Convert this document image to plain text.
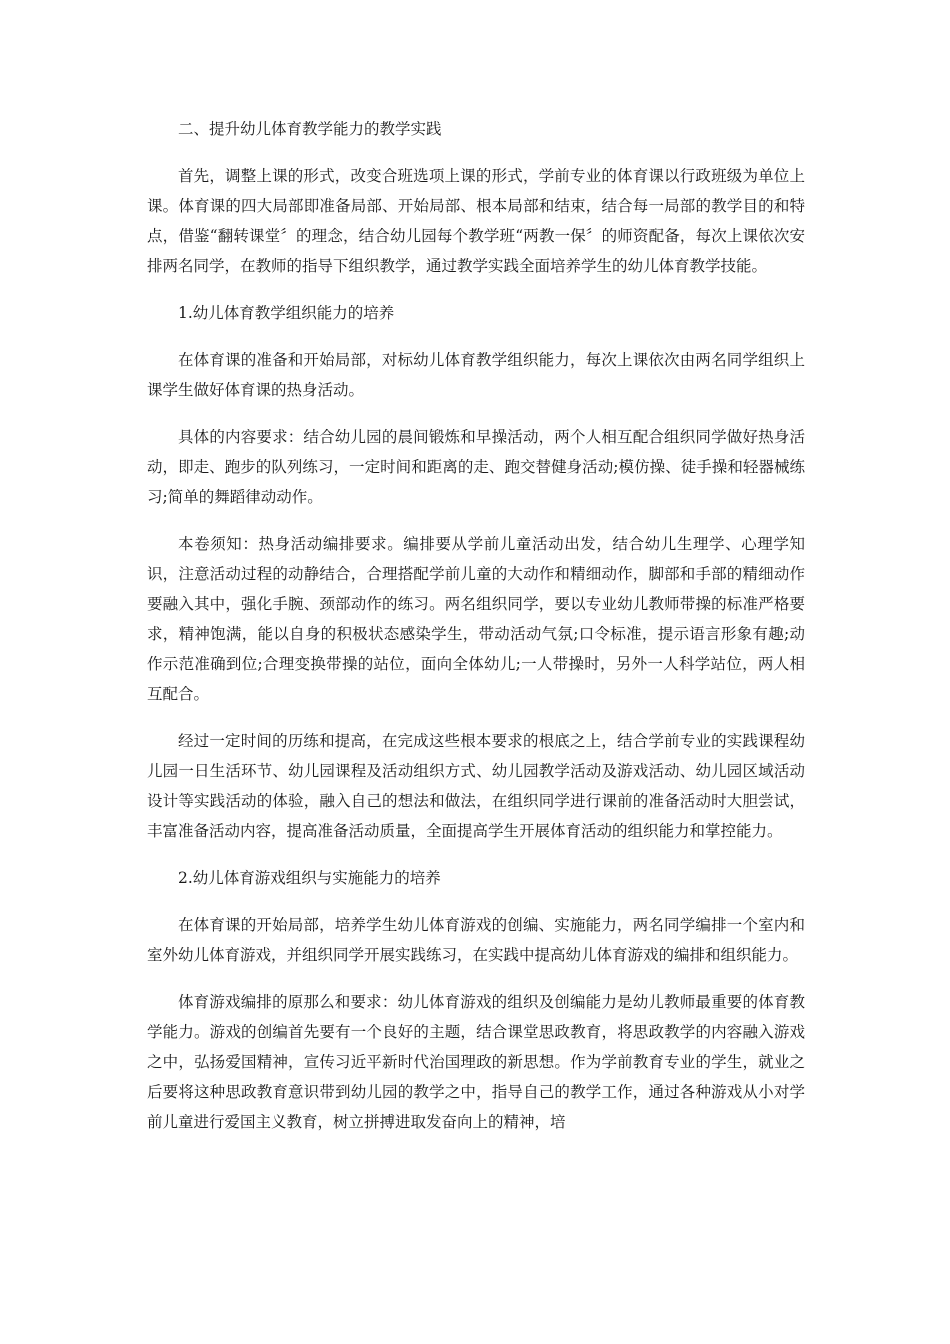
二、提升幼儿体育教学能力的教学实践

首先，调整上课的形式，改变合班选项上课的形式，学前专业的体育课以行政班级为单位上课。体育课的四大局部即准备局部、开始局部、根本局部和结束，结合每一局部的教学目的和特点，借鉴“翻转课堂〞的理念，结合幼儿园每个教学班“两教一保〞的师资配备，每次上课依次安排两名同学，在教师的指导下组织教学，通过教学实践全面培养学生的幼儿体育教学技能。

1.幼儿体育教学组织能力的培养

在体育课的准备和开始局部，对标幼儿体育教学组织能力，每次上课依次由两名同学组织上课学生做好体育课的热身活动。

具体的内容要求：结合幼儿园的晨间锻炼和早操活动，两个人相互配合组织同学做好热身活动，即走、跑步的队列练习，一定时间和距离的走、跑交替健身活动;模仿操、徒手操和轻器械练习;简单的舞蹈律动动作。

本卷须知：热身活动编排要求。编排要从学前儿童活动出发，结合幼儿生理学、心理学知识，注意活动过程的动静结合，合理搭配学前儿童的大动作和精细动作，脚部和手部的精细动作要融入其中，强化手腕、颈部动作的练习。两名组织同学，要以专业幼儿教师带操的标准严格要求，精神饱满，能以自身的积极状态感染学生，带动活动气氛;口令标准，提示语言形象有趣;动作示范准确到位;合理变换带操的站位，面向全体幼儿;一人带操时，另外一人科学站位，两人相互配合。

经过一定时间的历练和提高，在完成这些根本要求的根底之上，结合学前专业的实践课程幼儿园一日生活环节、幼儿园课程及活动组织方式、幼儿园教学活动及游戏活动、幼儿园区域活动设计等实践活动的体验，融入自己的想法和做法，在组织同学进行课前的准备活动时大胆尝试，丰富准备活动内容，提高准备活动质量，全面提高学生开展体育活动的组织能力和掌控能力。

2.幼儿体育游戏组织与实施能力的培养

在体育课的开始局部，培养学生幼儿体育游戏的创编、实施能力，两名同学编排一个室内和室外幼儿体育游戏，并组织同学开展实践练习，在实践中提高幼儿体育游戏的编排和组织能力。

体育游戏编排的原那么和要求：幼儿体育游戏的组织及创编能力是幼儿教师最重要的体育教学能力。游戏的创编首先要有一个良好的主题，结合课堂思政教育，将思政教学的内容融入游戏之中，弘扬爱国精神，宣传习近平新时代治国理政的新思想。作为学前教育专业的学生，就业之后要将这种思政教育意识带到幼儿园的教学之中，指导自己的教学工作，通过各种游戏从小对学前儿童进行爱国主义教育，树立拼搏进取发奋向上的精神，培
